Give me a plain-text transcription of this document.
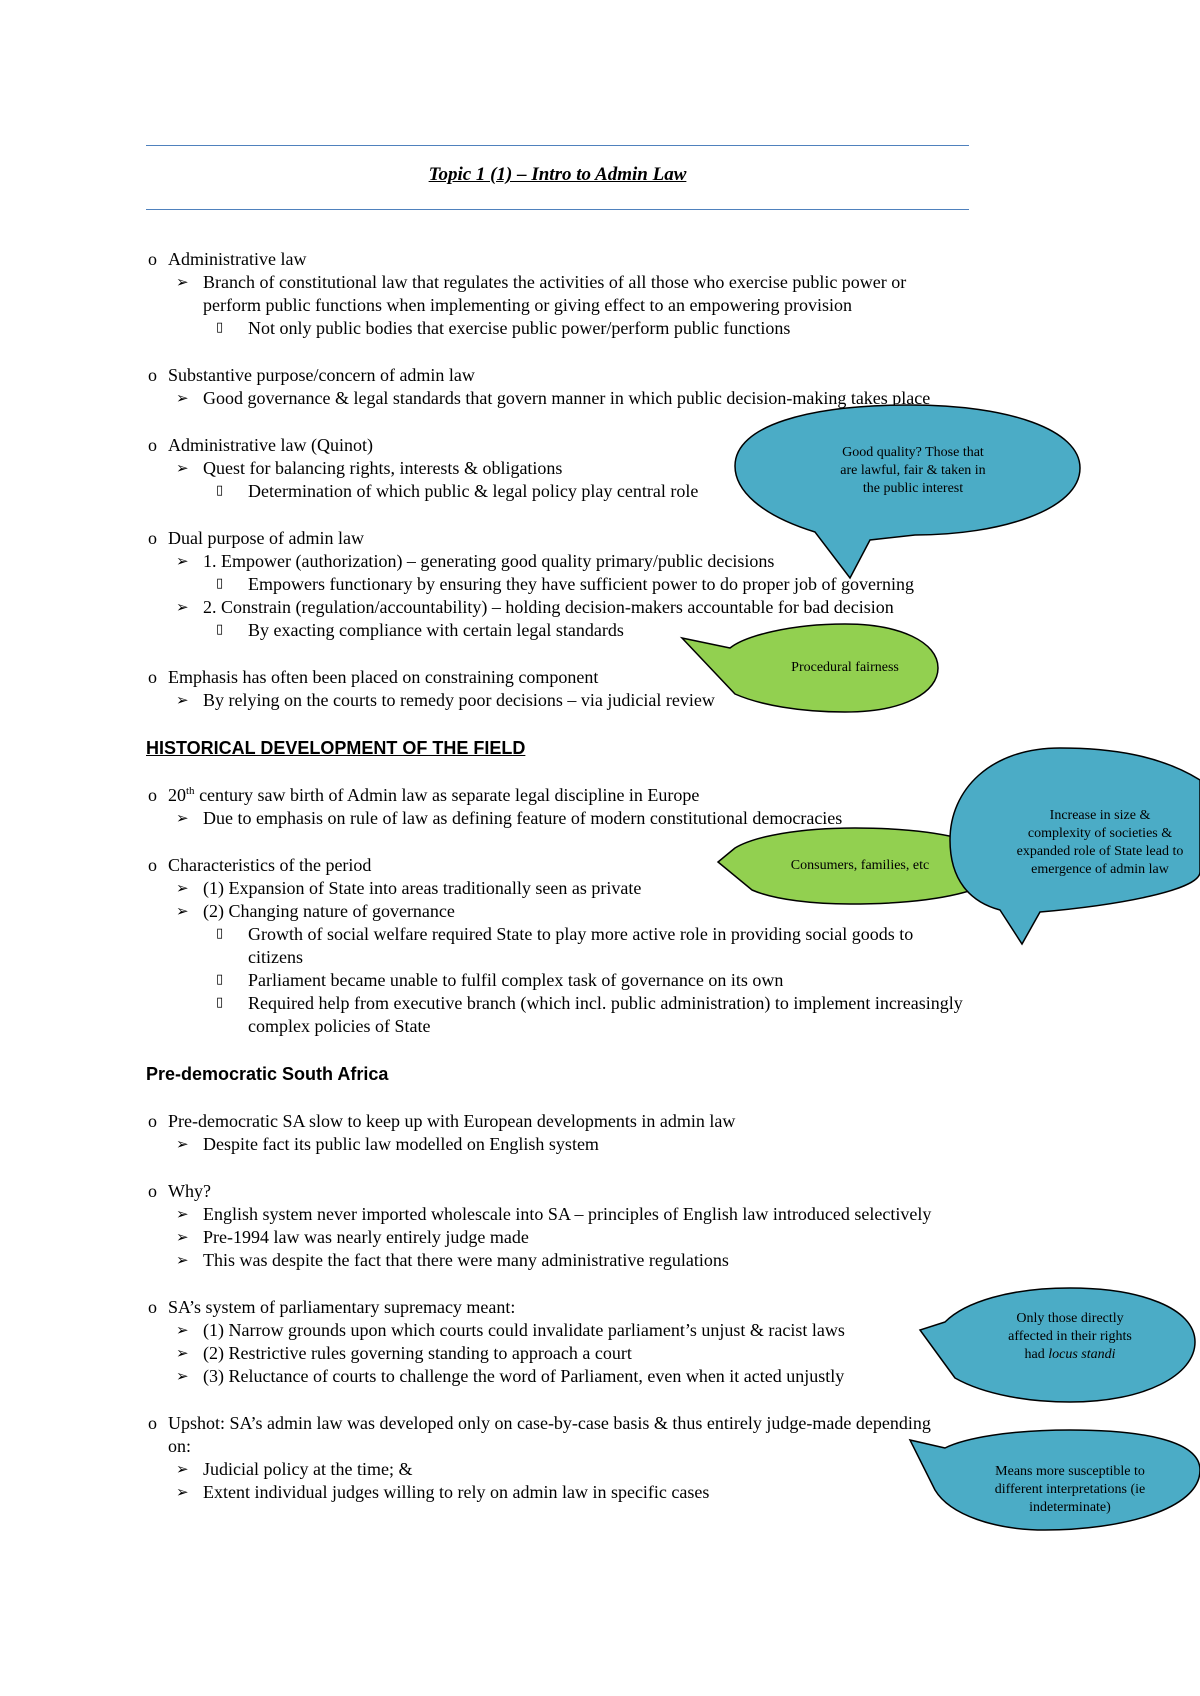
Topic 1 (1) – Intro to Admin Law
o Administrative law
➢ Branch of constitutional law that regulates the activities of all those who exercise public power or
perform public functions when implementing or giving effect to an empowering provision
▯ Not only public bodies that exercise public power/perform public functions
o Substantive purpose/concern of admin law
➢ Good governance & legal standards that govern manner in which public decision-making takes place
o Administrative law (Quinot)
➢ Quest for balancing rights, interests & obligations
▯ Determination of which public & legal policy play central role
o Dual purpose of admin law
➢ 1. Empower (authorization) – generating good quality primary/public decisions
▯ Empowers functionary by ensuring they have sufficient power to do proper job of governing
➢ 2. Constrain (regulation/accountability) – holding decision-makers accountable for bad decision
▯ By exacting compliance with certain legal standards
o Emphasis has often been placed on constraining component
➢ By relying on the courts to remedy poor decisions – via judicial review
HISTORICAL DEVELOPMENT OF THE FIELD
o 20th century saw birth of Admin law as separate legal discipline in Europe
➢ Due to emphasis on rule of law as defining feature of modern constitutional democracies
o Characteristics of the period
➢ (1) Expansion of State into areas traditionally seen as private
➢ (2) Changing nature of governance
▯ Growth of social welfare required State to play more active role in providing social goods to
citizens
▯ Parliament became unable to fulfil complex task of governance on its own
▯ Required help from executive branch (which incl. public administration) to implement increasingly
complex policies of State
Pre-democratic South Africa
o Pre-democratic SA slow to keep up with European developments in admin law
➢ Despite fact its public law modelled on English system
o Why?
➢ English system never imported wholescale into SA – principles of English law introduced selectively
➢ Pre-1994 law was nearly entirely judge made
➢ This was despite the fact that there were many administrative regulations
o SA’s system of parliamentary supremacy meant:
➢ (1) Narrow grounds upon which courts could invalidate parliament’s unjust & racist laws
➢ (2) Restrictive rules governing standing to approach a court
➢ (3) Reluctance of courts to challenge the word of Parliament, even when it acted unjustly
o Upshot: SA’s admin law was developed only on case-by-case basis & thus entirely judge-made depending
on:
➢ Judicial policy at the time; &
➢ Extent individual judges willing to rely on admin law in specific cases
Good quality? Those that
are lawful, fair & taken in
the public interest
Procedural fairness
Consumers, families, etc
Increase in size &
complexity of societies &
expanded role of State lead to
emergence of admin law
Only those directly
affected in their rights
had locus standi
Means more susceptible to
different interpretations (ie
indeterminate)
